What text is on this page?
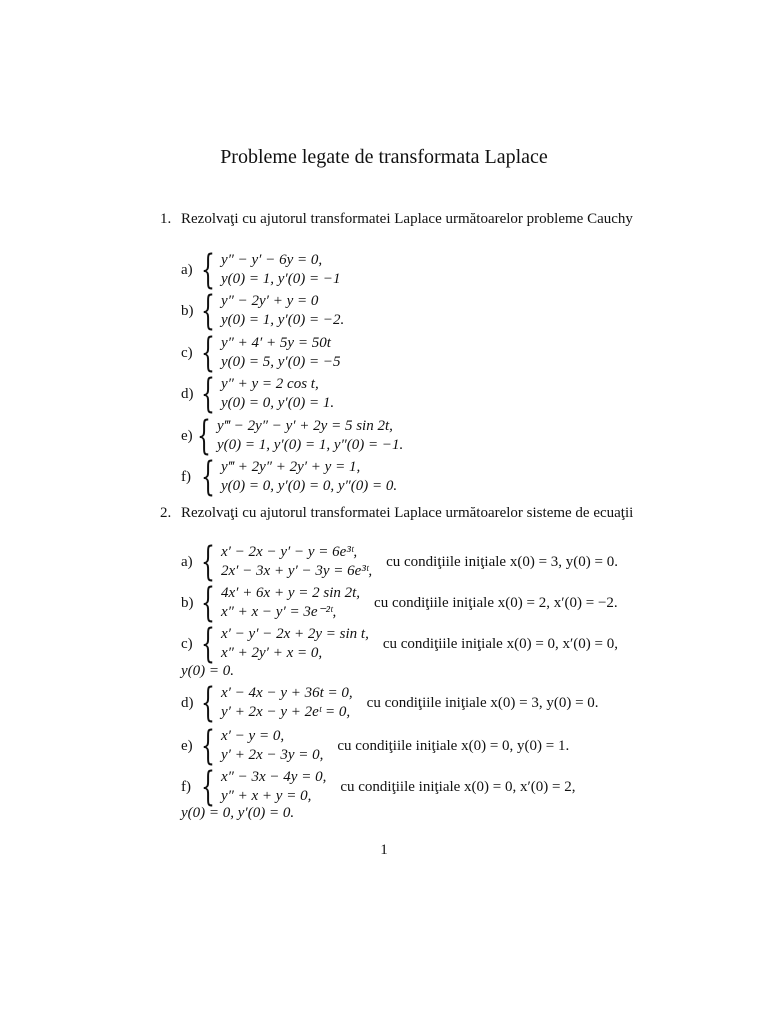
Probleme legate de transformata Laplace
1. Rezolvaţi cu ajutorul transformatei Laplace următoarelor probleme Cauchy
a) { y″ − y′ − 6y = 0,
y(0) = 1, y′(0) = −1
b) { y″ − 2y′ + y = 0
y(0) = 1, y′(0) = −2.
c) { y″ + 4′ + 5y = 50t
y(0) = 5, y′(0) = −5
d) { y″ + y = 2 cos t,
y(0) = 0, y′(0) = 1.
e) { y‴ − 2y″ − y′ + 2y = 5 sin 2t,
y(0) = 1, y′(0) = 1, y″(0) = −1.
f) { y‴ + 2y″ + 2y′ + y = 1,
y(0) = 0, y′(0) = 0, y″(0) = 0.
2. Rezolvaţi cu ajutorul transformatei Laplace următoarelor sisteme de ecuaţii
a) { x′ − 2x − y′ − y = 6e³ᵗ,
2x′ − 3x + y′ − 3y = 6e³ᵗ,
cu condiţiile iniţiale x(0) = 3, y(0) = 0.
b) { 4x′ + 6x + y = 2 sin 2t,
x″ + x − y′ = 3e⁻²ᵗ,
cu condiţiile iniţiale x(0) = 2, x′(0) = −2.
c) { x′ − y′ − 2x + 2y = sin t,
x″ + 2y′ + x = 0,
cu condiţiile iniţiale x(0) = 0, x′(0) = 0,
y(0) = 0.
d) { x′ − 4x − y + 36t = 0,
y′ + 2x − y + 2eᵗ = 0,
cu condiţiile iniţiale x(0) = 3, y(0) = 0.
e) { x′ − y = 0,
y′ + 2x − 3y = 0,
cu condiţiile iniţiale x(0) = 0, y(0) = 1.
f) { x″ − 3x − 4y = 0,
y″ + x + y = 0,
cu condiţiile iniţiale x(0) = 0, x′(0) = 2,
y(0) = 0, y′(0) = 0.
1
